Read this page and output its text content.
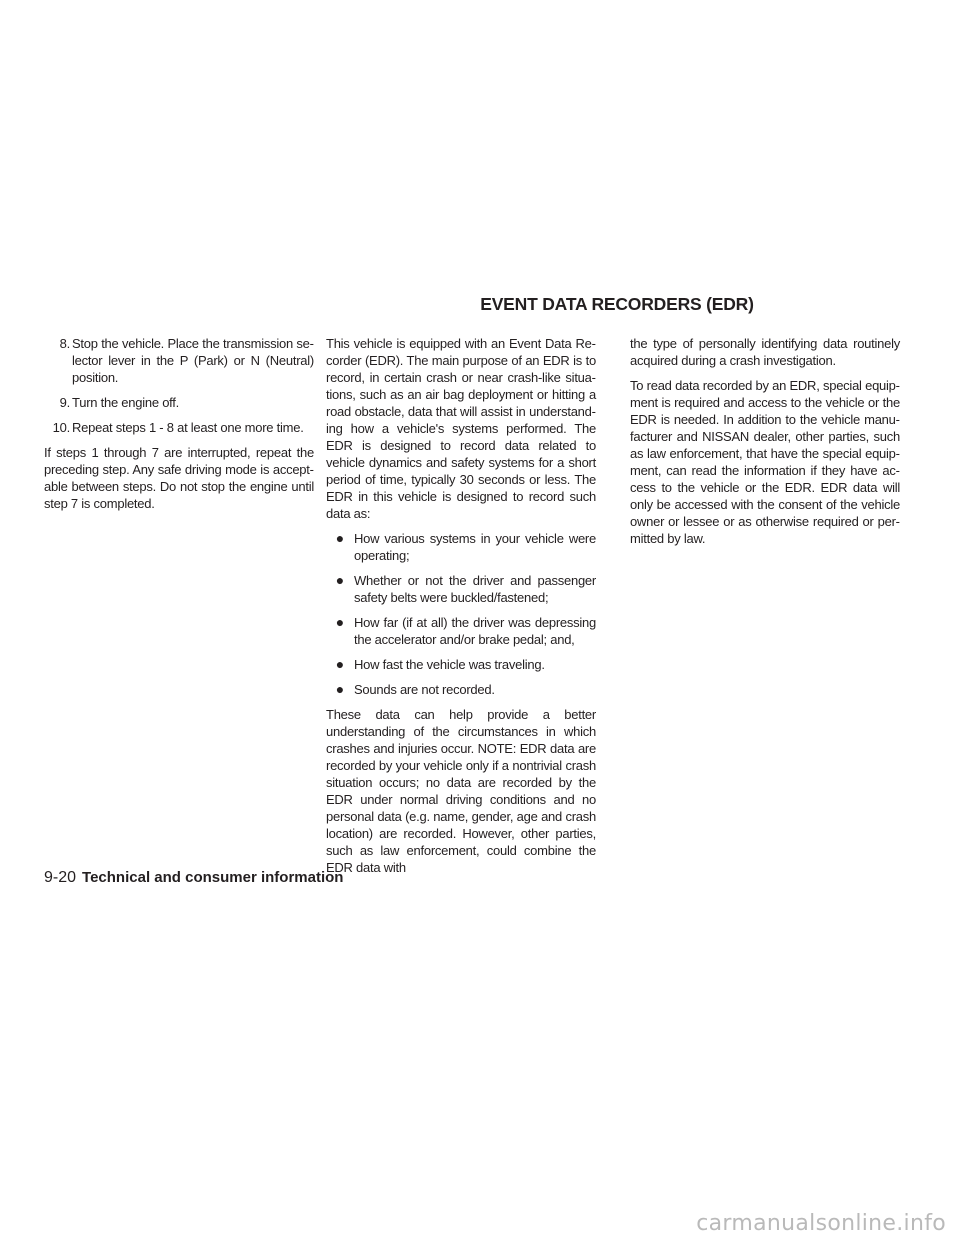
EVENT DATA RECORDERS (EDR)
8. Stop the vehicle. Place the transmission selector lever in the P (Park) or N (Neutral) position.
9. Turn the engine off.
10. Repeat steps 1 - 8 at least one more time.

If steps 1 through 7 are interrupted, repeat the preceding step. Any safe driving mode is acceptable between steps. Do not stop the engine until step 7 is completed.

This vehicle is equipped with an Event Data Recorder (EDR). The main purpose of an EDR is to record, in certain crash or near crash-like situations, such as an air bag deployment or hitting a road obstacle, data that will assist in understanding how a vehicle's systems performed. The EDR is designed to record data related to vehicle dynamics and safety systems for a short period of time, typically 30 seconds or less. The EDR in this vehicle is designed to record such data as:

● How various systems in your vehicle were operating;
● Whether or not the driver and passenger safety belts were buckled/fastened;
● How far (if at all) the driver was depressing the accelerator and/or brake pedal; and,
● How fast the vehicle was traveling.
● Sounds are not recorded.

These data can help provide a better understanding of the circumstances in which crashes and injuries occur. NOTE: EDR data are recorded by your vehicle only if a nontrivial crash situation occurs; no data are recorded by the EDR under normal driving conditions and no personal data (e.g. name, gender, age and crash location) are recorded. However, other parties, such as law enforcement, could combine the EDR data with

the type of personally identifying data routinely acquired during a crash investigation.

To read data recorded by an EDR, special equipment is required and access to the vehicle or the EDR is needed. In addition to the vehicle manufacturer and NISSAN dealer, other parties, such as law enforcement, that have the special equipment, can read the information if they have access to the vehicle or the EDR. EDR data will only be accessed with the consent of the vehicle owner or lessee or as otherwise required or permitted by law.

9-20 Technical and consumer information
carmanualsonline.info
